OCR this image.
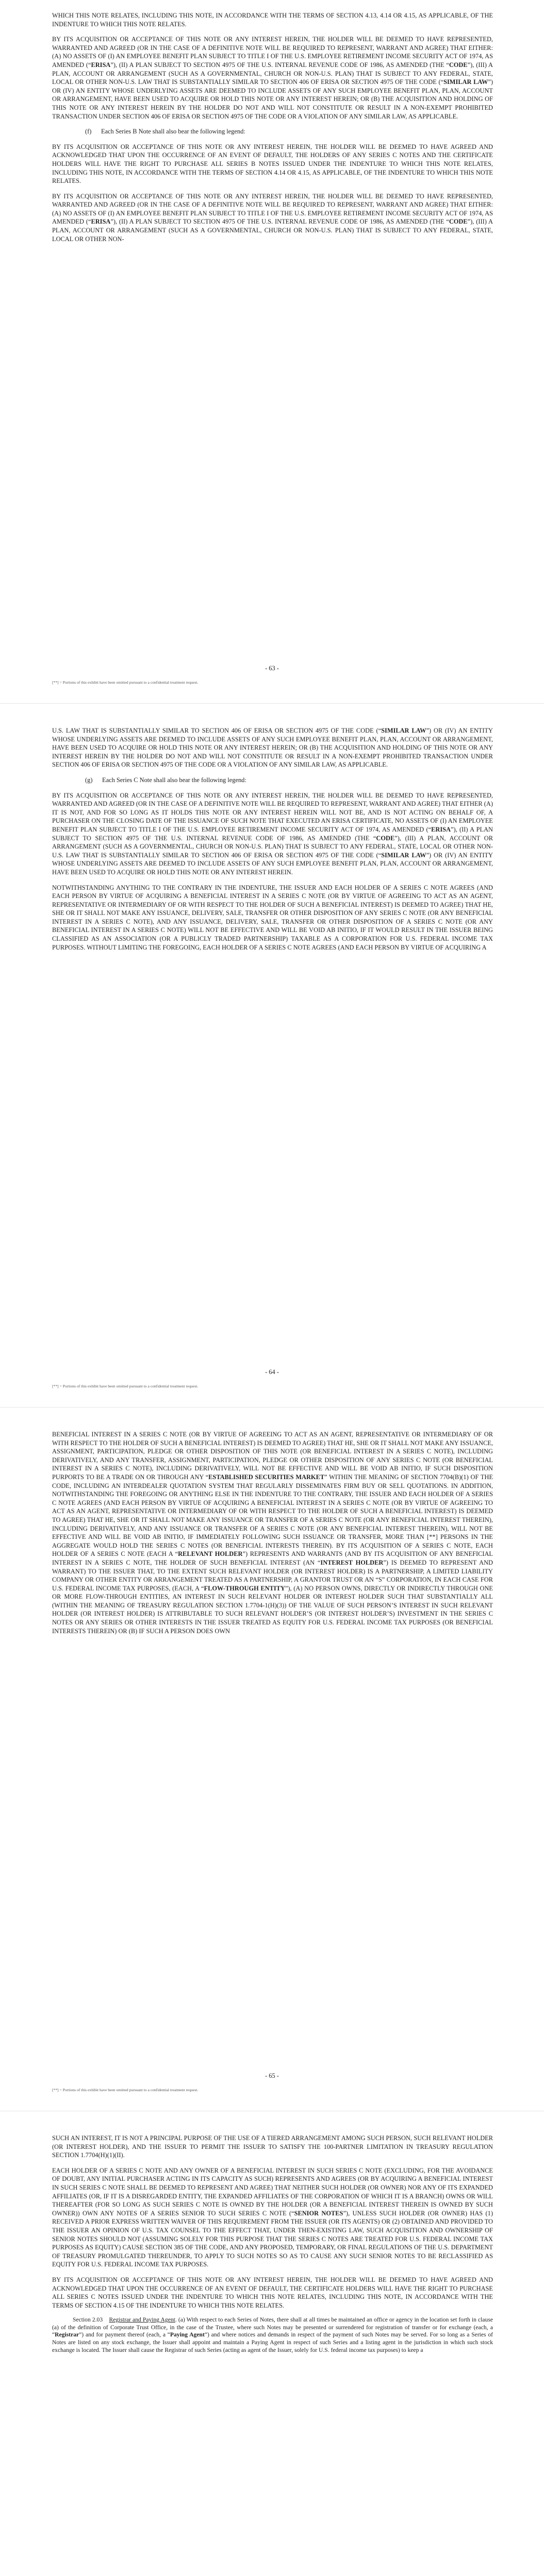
WHICH THIS NOTE RELATES, INCLUDING THIS NOTE, IN ACCORDANCE WITH THE TERMS OF SECTION 4.13, 4.14 OR 4.15, AS APPLICABLE, OF THE INDENTURE TO WHICH THIS NOTE RELATES.

BY ITS ACQUISITION OR ACCEPTANCE OF THIS NOTE OR ANY INTEREST HEREIN, THE HOLDER WILL BE DEEMED TO HAVE REPRESENTED, WARRANTED AND AGREED (OR IN THE CASE OF A DEFINITIVE NOTE WILL BE REQUIRED TO REPRESENT, WARRANT AND AGREE) THAT EITHER: (A) NO ASSETS OF (I) AN EMPLOYEE BENEFIT PLAN SUBJECT TO TITLE I OF THE U.S. EMPLOYEE RETIREMENT INCOME SECURITY ACT OF 1974, AS AMENDED (“ERISA”), (II) A PLAN SUBJECT TO SECTION 4975 OF THE U.S. INTERNAL REVENUE CODE OF 1986, AS AMENDED (THE “CODE”), (III) A PLAN, ACCOUNT OR ARRANGEMENT (SUCH AS A GOVERNMENTAL, CHURCH OR NON-U.S. PLAN) THAT IS SUBJECT TO ANY FEDERAL, STATE, LOCAL OR OTHER NON-U.S. LAW THAT IS SUBSTANTIALLY SIMILAR TO SECTION 406 OF ERISA OR SECTION 4975 OF THE CODE (“SIMILAR LAW”) OR (IV) AN ENTITY WHOSE UNDERLYING ASSETS ARE DEEMED TO INCLUDE ASSETS OF ANY SUCH EMPLOYEE BENEFIT PLAN, PLAN, ACCOUNT OR ARRANGEMENT, HAVE BEEN USED TO ACQUIRE OR HOLD THIS NOTE OR ANY INTEREST HEREIN; OR (B) THE ACQUISITION AND HOLDING OF THIS NOTE OR ANY INTEREST HEREIN BY THE HOLDER DO NOT AND WILL NOT CONSTITUTE OR RESULT IN A NON-EXEMPT PROHIBITED TRANSACTION UNDER SECTION 406 OF ERISA OR SECTION 4975 OF THE CODE OR A VIOLATION OF ANY SIMILAR LAW, AS APPLICABLE.

(f)      Each Series B Note shall also bear the following legend:

BY ITS ACQUISITION OR ACCEPTANCE OF THIS NOTE OR ANY INTEREST HEREIN, THE HOLDER WILL BE DEEMED TO HAVE AGREED AND ACKNOWLEDGED THAT UPON THE OCCURRENCE OF AN EVENT OF DEFAULT, THE HOLDERS OF ANY SERIES C NOTES AND THE CERTIFICATE HOLDERS WILL HAVE THE RIGHT TO PURCHASE ALL SERIES B NOTES ISSUED UNDER THE INDENTURE TO WHICH THIS NOTE RELATES, INCLUDING THIS NOTE, IN ACCORDANCE WITH THE TERMS OF SECTION 4.14 OR 4.15, AS APPLICABLE, OF THE INDENTURE TO WHICH THIS NOTE RELATES.

BY ITS ACQUISITION OR ACCEPTANCE OF THIS NOTE OR ANY INTEREST HEREIN, THE HOLDER WILL BE DEEMED TO HAVE REPRESENTED, WARRANTED AND AGREED (OR IN THE CASE OF A DEFINITIVE NOTE WILL BE REQUIRED TO REPRESENT, WARRANT AND AGREE) THAT EITHER: (A) NO ASSETS OF (I) AN EMPLOYEE BENEFIT PLAN SUBJECT TO TITLE I OF THE U.S. EMPLOYEE RETIREMENT INCOME SECURITY ACT OF 1974, AS AMENDED (“ERISA”), (II) A PLAN SUBJECT TO SECTION 4975 OF THE U.S. INTERNAL REVENUE CODE OF 1986, AS AMENDED (THE “CODE”), (III) A PLAN, ACCOUNT OR ARRANGEMENT (SUCH AS A GOVERNMENTAL, CHURCH OR NON-U.S. PLAN) THAT IS SUBJECT TO ANY FEDERAL, STATE, LOCAL OR OTHER NON-

- 63 -
[**] = Portions of this exhibit have been omitted pursuant to a confidential treatment request.

U.S. LAW THAT IS SUBSTANTIALLY SIMILAR TO SECTION 406 OF ERISA OR SECTION 4975 OF THE CODE (“SIMILAR LAW”) OR (IV) AN ENTITY WHOSE UNDERLYING ASSETS ARE DEEMED TO INCLUDE ASSETS OF ANY SUCH EMPLOYEE BENEFIT PLAN, PLAN, ACCOUNT OR ARRANGEMENT, HAVE BEEN USED TO ACQUIRE OR HOLD THIS NOTE OR ANY INTEREST HEREIN; OR (B) THE ACQUISITION AND HOLDING OF THIS NOTE OR ANY INTEREST HEREIN BY THE HOLDER DO NOT AND WILL NOT CONSTITUTE OR RESULT IN A NON-EXEMPT PROHIBITED TRANSACTION UNDER SECTION 406 OF ERISA OR SECTION 4975 OF THE CODE OR A VIOLATION OF ANY SIMILAR LAW, AS APPLICABLE.

(g)      Each Series C Note shall also bear the following legend:

BY ITS ACQUISITION OR ACCEPTANCE OF THIS NOTE OR ANY INTEREST HEREIN, THE HOLDER WILL BE DEEMED TO HAVE REPRESENTED, WARRANTED AND AGREED (OR IN THE CASE OF A DEFINITIVE NOTE WILL BE REQUIRED TO REPRESENT, WARRANT AND AGREE) THAT EITHER (A) IT IS NOT, AND FOR SO LONG AS IT HOLDS THIS NOTE OR ANY INTEREST HEREIN WILL NOT BE, AND IS NOT ACTING ON BEHALF OF, A PURCHASER ON THE CLOSING DATE OF THE ISSUANCE OF SUCH NOTE THAT EXECUTED AN ERISA CERTIFICATE, NO ASSETS OF (I) AN EMPLOYEE BENEFIT PLAN SUBJECT TO TITLE I OF THE U.S. EMPLOYEE RETIREMENT INCOME SECURITY ACT OF 1974, AS AMENDED (“ERISA”), (II) A PLAN SUBJECT TO SECTION 4975 OF THE U.S. INTERNAL REVENUE CODE OF 1986, AS AMENDED (THE “CODE”), (III) A PLAN, ACCOUNT OR ARRANGEMENT (SUCH AS A GOVERNMENTAL, CHURCH OR NON-U.S. PLAN) THAT IS SUBJECT TO ANY FEDERAL, STATE, LOCAL OR OTHER NON-U.S. LAW THAT IS SUBSTANTIALLY SIMILAR TO SECTION 406 OF ERISA OR SECTION 4975 OF THE CODE (“SIMILAR LAW”) OR (IV) AN ENTITY WHOSE UNDERLYING ASSETS ARE DEEMED TO INCLUDE ASSETS OF ANY SUCH EMPLOYEE BENEFIT PLAN, PLAN, ACCOUNT OR ARRANGEMENT, HAVE BEEN USED TO ACQUIRE OR HOLD THIS NOTE OR ANY INTEREST HEREIN.

NOTWITHSTANDING ANYTHING TO THE CONTRARY IN THE INDENTURE, THE ISSUER AND EACH HOLDER OF A SERIES C NOTE AGREES (AND EACH PERSON BY VIRTUE OF ACQUIRING A BENEFICIAL INTEREST IN A SERIES C NOTE (OR BY VIRTUE OF AGREEING TO ACT AS AN AGENT, REPRESENTATIVE OR INTERMEDIARY OF OR WITH RESPECT TO THE HOLDER OF SUCH A BENEFICIAL INTEREST) IS DEEMED TO AGREE) THAT HE, SHE OR IT SHALL NOT MAKE ANY ISSUANCE, DELIVERY, SALE, TRANSFER OR OTHER DISPOSITION OF ANY SERIES C NOTE (OR ANY BENEFICIAL INTEREST IN A SERIES C NOTE), AND ANY ISSUANCE, DELIVERY, SALE, TRANSFER OR OTHER DISPOSITION OF A SERIES C NOTE (OR ANY BENEFICIAL INTEREST IN A SERIES C NOTE) WILL NOT BE EFFECTIVE AND WILL BE VOID AB INITIO, IF IT WOULD RESULT IN THE ISSUER BEING CLASSIFIED AS AN ASSOCIATION (OR A PUBLICLY TRADED PARTNERSHIP) TAXABLE AS A CORPORATION FOR U.S. FEDERAL INCOME TAX PURPOSES. WITHOUT LIMITING THE FOREGOING, EACH HOLDER OF A SERIES C NOTE AGREES (AND EACH PERSON BY VIRTUE OF ACQUIRING A

- 64 -
[**] = Portions of this exhibit have been omitted pursuant to a confidential treatment request.

BENEFICIAL INTEREST IN A SERIES C NOTE (OR BY VIRTUE OF AGREEING TO ACT AS AN AGENT, REPRESENTATIVE OR INTERMEDIARY OF OR WITH RESPECT TO THE HOLDER OF SUCH A BENEFICIAL INTEREST) IS DEEMED TO AGREE) THAT HE, SHE OR IT SHALL NOT MAKE ANY ISSUANCE, ASSIGNMENT, PARTICIPATION, PLEDGE OR OTHER DISPOSITION OF THIS NOTE (OR BENEFICIAL INTEREST IN A SERIES C NOTE), INCLUDING DERIVATIVELY, AND ANY TRANSFER, ASSIGNMENT, PARTICIPATION, PLEDGE OR OTHER DISPOSITION OF ANY SERIES C NOTE (OR BENEFICIAL INTEREST IN A SERIES C NOTE), INCLUDING DERIVATIVELY, WILL NOT BE EFFECTIVE AND WILL BE VOID AB INITIO, IF SUCH DISPOSITION PURPORTS TO BE A TRADE ON OR THROUGH ANY “ESTABLISHED SECURITIES MARKET” WITHIN THE MEANING OF SECTION 7704(B)(1) OF THE CODE, INCLUDING AN INTERDEALER QUOTATION SYSTEM THAT REGULARLY DISSEMINATES FIRM BUY OR SELL QUOTATIONS. IN ADDITION, NOTWITHSTANDING THE FOREGOING OR ANYTHING ELSE IN THE INDENTURE TO THE CONTRARY, THE ISSUER AND EACH HOLDER OF A SERIES C NOTE AGREES (AND EACH PERSON BY VIRTUE OF ACQUIRING A BENEFICIAL INTEREST IN A SERIES C NOTE (OR BY VIRTUE OF AGREEING TO ACT AS AN AGENT, REPRESENTATIVE OR INTERMEDIARY OF OR WITH RESPECT TO THE HOLDER OF SUCH A BENEFICIAL INTEREST) IS DEEMED TO AGREE) THAT HE, SHE OR IT SHALL NOT MAKE ANY ISSUANCE OR TRANSFER OF A SERIES C NOTE (OR ANY BENEFICIAL INTEREST THEREIN), INCLUDING DERIVATIVELY, AND ANY ISSUANCE OR TRANSFER OF A SERIES C NOTE (OR ANY BENEFICIAL INTEREST THEREIN), WILL NOT BE EFFECTIVE AND WILL BE VOID AB INITIO, IF IMMEDIATELY FOLLOWING SUCH ISSUANCE OR TRANSFER, MORE THAN [**] PERSONS IN THE AGGREGATE WOULD HOLD THE SERIES C NOTES (OR BENEFICIAL INTERESTS THEREIN). BY ITS ACQUISITION OF A SERIES C NOTE, EACH HOLDER OF A SERIES C NOTE (EACH A “RELEVANT HOLDER”) REPRESENTS AND WARRANTS (AND BY ITS ACQUISITION OF ANY BENEFICIAL INTEREST IN A SERIES C NOTE, THE HOLDER OF SUCH BENEFICIAL INTEREST (AN “INTEREST HOLDER”) IS DEEMED TO REPRESENT AND WARRANT) TO THE ISSUER THAT, TO THE EXTENT SUCH RELEVANT HOLDER (OR INTEREST HOLDER) IS A PARTNERSHIP, A LIMITED LIABILITY COMPANY OR OTHER ENTITY OR ARRANGEMENT TREATED AS A PARTNERSHIP, A GRANTOR TRUST OR AN “S” CORPORATION, IN EACH CASE FOR U.S. FEDERAL INCOME TAX PURPOSES, (EACH, A “FLOW-THROUGH ENTITY”), (A) NO PERSON OWNS, DIRECTLY OR INDIRECTLY THROUGH ONE OR MORE FLOW-THROUGH ENTITIES, AN INTEREST IN SUCH RELEVANT HOLDER OR INTEREST HOLDER SUCH THAT SUBSTANTIALLY ALL (WITHIN THE MEANING OF TREASURY REGULATION SECTION 1.7704-1(H)(3)) OF THE VALUE OF SUCH PERSON’S INTEREST IN SUCH RELEVANT HOLDER (OR INTEREST HOLDER) IS ATTRIBUTABLE TO SUCH RELEVANT HOLDER’S (OR INTEREST HOLDER’S) INVESTMENT IN THE SERIES C NOTES OR ANY SERIES OR OTHER INTERESTS IN THE ISSUER TREATED AS EQUITY FOR U.S. FEDERAL INCOME TAX PURPOSES (OR BENEFICIAL INTERESTS THEREIN) OR (B) IF SUCH A PERSON DOES OWN

- 65 -
[**] = Portions of this exhibit have been omitted pursuant to a confidential treatment request.

SUCH AN INTEREST, IT IS NOT A PRINCIPAL PURPOSE OF THE USE OF A TIERED ARRANGEMENT AMONG SUCH PERSON, SUCH RELEVANT HOLDER (OR INTEREST HOLDER), AND THE ISSUER TO PERMIT THE ISSUER TO SATISFY THE 100-PARTNER LIMITATION IN TREASURY REGULATION SECTION 1.7704(H)(1)(II).

EACH HOLDER OF A SERIES C NOTE AND ANY OWNER OF A BENEFICIAL INTEREST IN SUCH SERIES C NOTE (EXCLUDING, FOR THE AVOIDANCE OF DOUBT, ANY INITIAL PURCHASER ACTING IN ITS CAPACITY AS SUCH) REPRESENTS AND AGREES (OR BY ACQUIRING A BENEFICIAL INTEREST IN SUCH SERIES C NOTE SHALL BE DEEMED TO REPRESENT AND AGREE) THAT NEITHER SUCH HOLDER (OR OWNER) NOR ANY OF ITS EXPANDED AFFILIATES (OR, IF IT IS A DISREGARDED ENTITY, THE EXPANDED AFFILIATES OF THE CORPORATION OF WHICH IT IS A BRANCH) OWNS OR WILL THEREAFTER (FOR SO LONG AS SUCH SERIES C NOTE IS OWNED BY THE HOLDER (OR A BENEFICIAL INTEREST THEREIN IS OWNED BY SUCH OWNER)) OWN ANY NOTES OF A SERIES SENIOR TO SUCH SERIES C NOTE (“SENIOR NOTES”), UNLESS SUCH HOLDER (OR OWNER) HAS (1) RECEIVED A PRIOR EXPRESS WRITTEN WAIVER OF THIS REQUIREMENT FROM THE ISSUER (OR ITS AGENTS) OR (2) OBTAINED AND PROVIDED TO THE ISSUER AN OPINION OF U.S. TAX COUNSEL TO THE EFFECT THAT, UNDER THEN-EXISTING LAW, SUCH ACQUISITION AND OWNERSHIP OF SENIOR NOTES SHOULD NOT (ASSUMING SOLELY FOR THIS PURPOSE THAT THE SERIES C NOTES ARE TREATED FOR U.S. FEDERAL INCOME TAX PURPOSES AS EQUITY) CAUSE SECTION 385 OF THE CODE, AND ANY PROPOSED, TEMPORARY, OR FINAL REGULATIONS OF THE U.S. DEPARTMENT OF TREASURY PROMULGATED THEREUNDER, TO APPLY TO SUCH NOTES SO AS TO CAUSE ANY SUCH SENIOR NOTES TO BE RECLASSIFIED AS EQUITY FOR U.S. FEDERAL INCOME TAX PURPOSES.

BY ITS ACQUISITION OR ACCEPTANCE OF THIS NOTE OR ANY INTEREST HEREIN, THE HOLDER WILL BE DEEMED TO HAVE AGREED AND ACKNOWLEDGED THAT UPON THE OCCURRENCE OF AN EVENT OF DEFAULT, THE CERTIFICATE HOLDERS WILL HAVE THE RIGHT TO PURCHASE ALL SERIES C NOTES ISSUED UNDER THE INDENTURE TO WHICH THIS NOTE RELATES, INCLUDING THIS NOTE, IN ACCORDANCE WITH THE TERMS OF SECTION 4.15 OF THE INDENTURE TO WHICH THIS NOTE RELATES.

Section 2.03 Registrar and Paying Agent. (a) With respect to each Series of Notes, there shall at all times be maintained an office or agency in the location set forth in clause (a) of the definition of Corporate Trust Office, in the case of the Trustee, where such Notes may be presented or surrendered for registration of transfer or for exchange (each, a “Registrar”) and for payment thereof (each, a “Paying Agent”) and where notices and demands in respect of the payment of such Notes may be served. For so long as a Series of Notes are listed on any stock exchange, the Issuer shall appoint and maintain a Paying Agent in respect of such Series and a listing agent in the jurisdiction in which such stock exchange is located. The Issuer shall cause the Registrar of such Series (acting as agent of the Issuer, solely for U.S. federal income tax purposes) to keep a
